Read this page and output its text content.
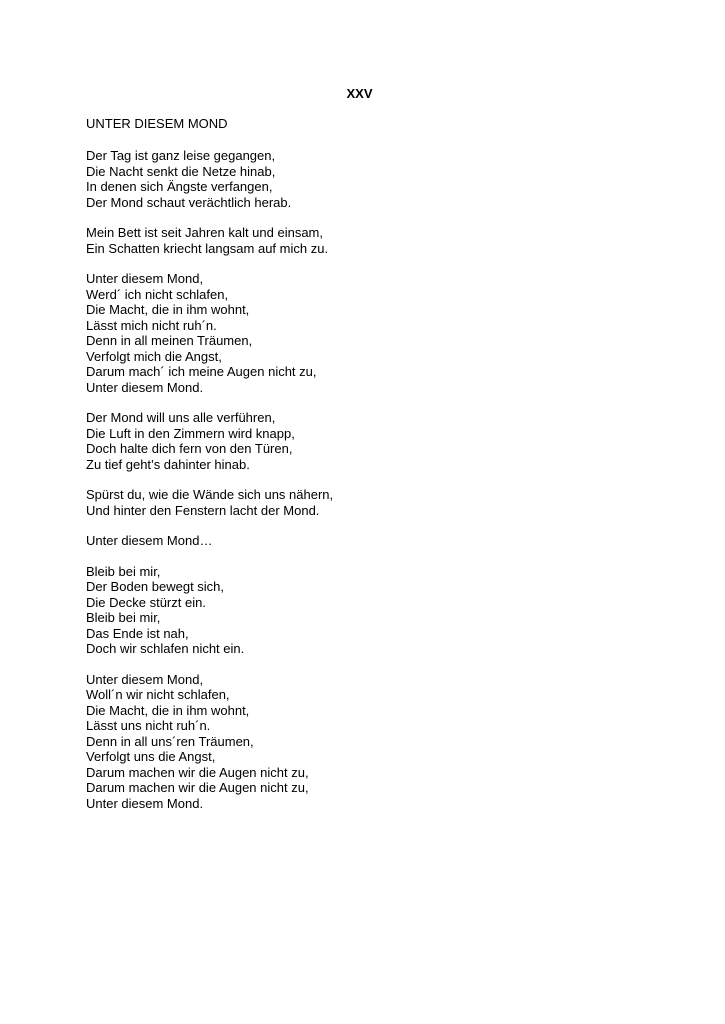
XXV
UNTER DIESEM MOND
Der Tag ist ganz leise gegangen,
Die Nacht senkt die Netze hinab,
In denen sich Ängste verfangen,
Der Mond schaut verächtlich herab.
Mein Bett ist seit Jahren kalt und einsam,
Ein Schatten kriecht langsam auf mich zu.
Unter diesem Mond,
Werd´ ich nicht schlafen,
Die Macht, die in ihm wohnt,
Lässt mich nicht ruh´n.
Denn in all meinen Träumen,
Verfolgt mich die Angst,
Darum mach´ ich meine Augen nicht zu,
Unter diesem Mond.
Der Mond will uns alle verführen,
Die Luft in den Zimmern wird knapp,
Doch halte dich fern von den Türen,
Zu tief geht’s dahinter hinab.
Spürst du, wie die Wände sich uns nähern,
Und hinter den Fenstern lacht der Mond.
Unter diesem Mond…
Bleib bei mir,
Der Boden bewegt sich,
Die Decke stürzt ein.
Bleib bei mir,
Das Ende ist nah,
Doch wir schlafen nicht ein.
Unter diesem Mond,
Woll´n wir nicht schlafen,
Die Macht, die in ihm wohnt,
Lässt uns nicht ruh´n.
Denn in all uns´ren Träumen,
Verfolgt uns die Angst,
Darum machen wir die Augen nicht zu,
Darum machen wir die Augen nicht zu,
Unter diesem Mond.
